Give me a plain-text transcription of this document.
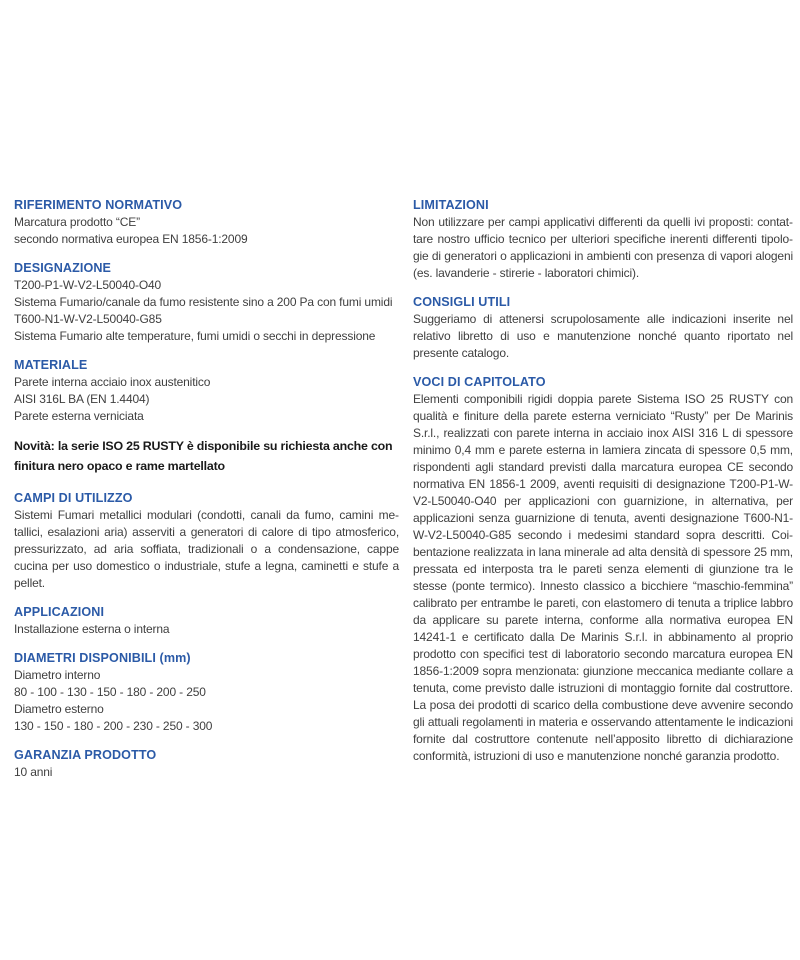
RIFERIMENTO NORMATIVO
Marcatura prodotto “CE”
secondo normativa europea EN 1856-1:2009
DESIGNAZIONE
T200-P1-W-V2-L50040-O40
Sistema Fumario/canale da fumo resistente sino a 200 Pa con fumi umidi
T600-N1-W-V2-L50040-G85
Sistema Fumario alte temperature, fumi umidi o secchi in depressione
MATERIALE
Parete interna acciaio inox austenitico
AISI 316L BA (EN 1.4404)
Parete esterna verniciata
Novità: la serie ISO 25 RUSTY è disponibile su richiesta anche con finitura nero opaco e rame martellato
CAMPI DI UTILIZZO
Sistemi Fumari metallici modulari (condotti, canali da fumo, camini metallici, esalazioni aria) asserviti a generatori di calore di tipo atmosferico, pressurizzato, ad aria soffiata, tradizionali o a condensazione, cappe cucina per uso domestico o industriale, stufe a legna, caminetti e stufe a pellet.
APPLICAZIONI
Installazione esterna o interna
DIAMETRI DISPONIBILI (mm)
Diametro interno
80 - 100 - 130 - 150 - 180 - 200 - 250
Diametro esterno
130 - 150 - 180 - 200 - 230 - 250 - 300
GARANZIA PRODOTTO
10 anni
LIMITAZIONI
Non utilizzare per campi applicativi differenti da quelli ivi proposti: contattare nostro ufficio tecnico per ulteriori specifiche inerenti differenti tipologie di generatori o applicazioni in ambienti con presenza di vapori alogeni (es. lavanderie - stirerie - laboratori chimici).
CONSIGLI UTILI
Suggeriamo di attenersi scrupolosamente alle indicazioni inserite nel relativo libretto di uso e manutenzione nonché quanto riportato nel presente catalogo.
VOCI DI CAPITOLATO
Elementi componibili rigidi doppia parete Sistema ISO 25 RUSTY con qualità e finiture della parete esterna verniciato “Rusty” per De Marinis S.r.l., realizzati con parete interna in acciaio inox AISI 316 L di spessore minimo 0,4 mm e parete esterna in lamiera zincata di spessore 0,5 mm, rispondenti agli standard previsti dalla marcatura europea CE secondo normativa EN 1856-1 2009, aventi requisiti di designazione T200-P1-W-V2-L50040-O40 per applicazioni con guarnizione, in alternativa, per applicazioni senza guarnizione di tenuta, aventi designazione T600-N1-W-V2-L50040-G85 secondo i medesimi standard sopra descritti. Coibentazione realizzata in lana minerale ad alta densità di spessore 25 mm, pressata ed interposta tra le pareti senza elementi di giunzione tra le stesse (ponte termico). Innesto classico a bicchiere “maschio-femmina” calibrato per entrambe le pareti, con elastomero di tenuta a triplice labbro da applicare su parete interna, conforme alla normativa europea EN 14241-1 e certificato dalla De Marinis S.r.l. in abbinamento al proprio prodotto con specifici test di laboratorio secondo marcatura europea EN 1856-1:2009 sopra menzionata: giunzione meccanica mediante collare a tenuta, come previsto dalle istruzioni di montaggio fornite dal costruttore. La posa dei prodotti di scarico della combustione deve avvenire secondo gli attuali regolamenti in materia e osservando attentamente le indicazioni fornite dal costruttore contenute nell’apposito libretto di dichiarazione conformità, istruzioni di uso e manutenzione nonché garanzia prodotto.
